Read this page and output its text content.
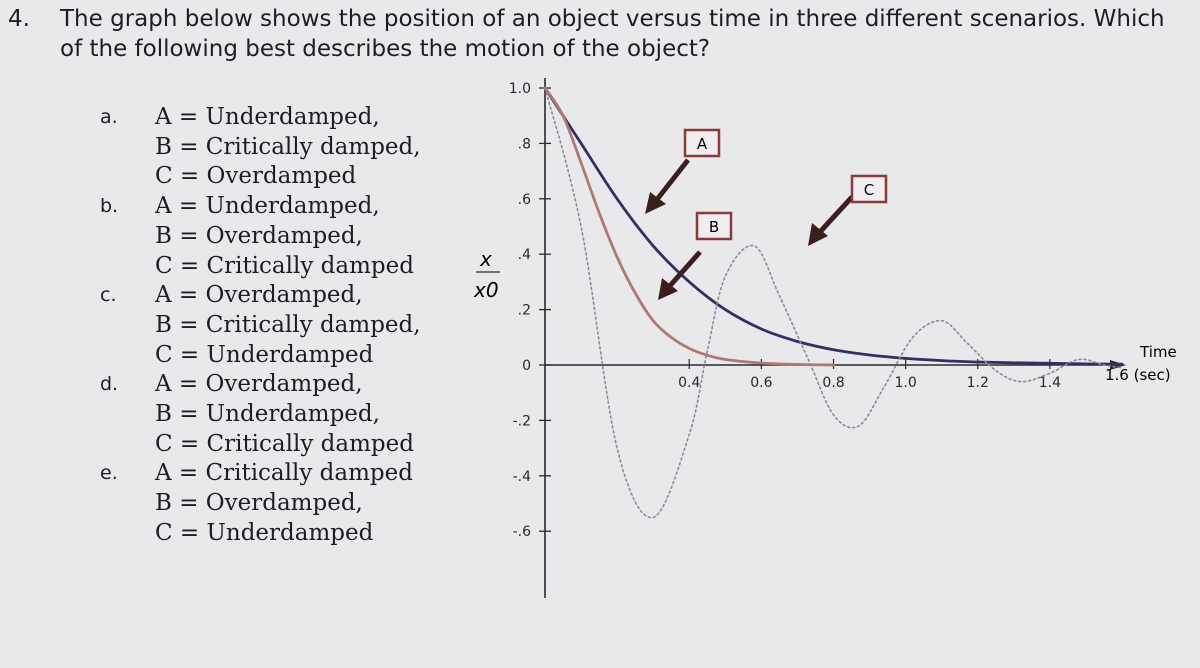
4. The graph below shows the position of an object versus time in three different scenarios. Which
of the following best describes the motion of the object?
a. A = Underdamped,
B = Critically damped,
C = Overdamped
b. A = Underdamped,
B = Overdamped,
C = Critically damped
c. A = Overdamped,
B = Critically damped,
C = Underdamped
d. A = Overdamped,
B = Underdamped,
C = Critically damped
e. A = Critically damped
B = Overdamped,
C = Underdamped
x
x0
Time
1.6 (sec)
1.0
.8
.6
.4
.2
0
-.2
-.4
-.6
0.4	0.6	0.8	1.0	1.2	1.4
A
B
C
